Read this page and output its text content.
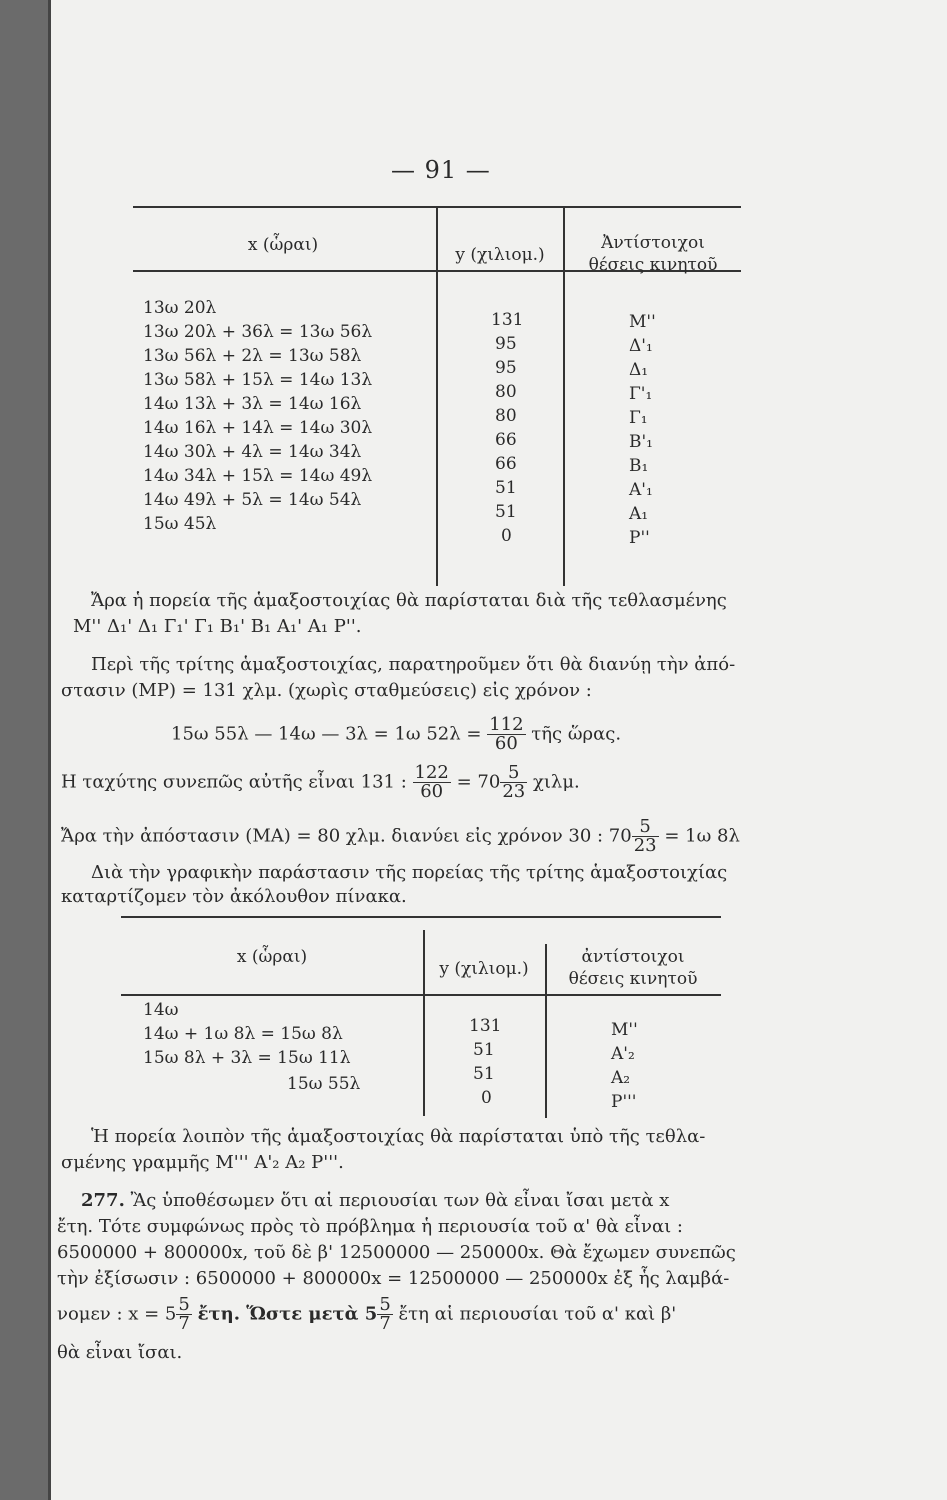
— 91 —
x (ὧραι)	y (χιλιομ.)
Ἀντίστοιχοι
θέσεις κινητοῦ
13ω 20λ
13ω 20λ + 36λ = 13ω 56λ
13ω 56λ + 2λ = 13ω 58λ
13ω 58λ + 15λ = 14ω 13λ
14ω 13λ + 3λ = 14ω 16λ
14ω 16λ + 14λ = 14ω 30λ
14ω 30λ + 4λ = 14ω 34λ
14ω 34λ + 15λ = 14ω 49λ
14ω 49λ + 5λ = 14ω 54λ
15ω 45λ
131
95
95
80
80
66
66
51
51
0
M''
Δ'₁
Δ₁
Γ'₁
Γ₁
Β'₁
Β₁
Α'₁
Α₁
Ρ''
Ἄρα ἡ πορεία τῆς ἁμαξοστοιχίας θὰ παρίσταται διὰ τῆς τεθλασμένης
Μ'' Δ₁' Δ₁ Γ₁' Γ₁ Β₁' Β₁ Α₁' Α₁ Ρ''.
Περὶ τῆς τρίτης ἁμαξοστοιχίας, παρατηροῦμεν ὅτι θὰ διανύῃ τὴν ἀπό-
στασιν (ΜΡ) = 131 χλμ. (χωρὶς σταθμεύσεις) εἰς χρόνον :
15ω 55λ — 14ω — 3λ = 1ω $52\lambda = \frac{112}{60}$ τῆς ὥρας.
Η ταχύτης συνεπῶς αὐτῆς εἶναι 131 : $\frac{122}{60} = 70 \frac{5}{23} \chi\iota\lambda\mu$.
Ἄρα τὴν ἀπόστασιν (ΜΑ) = 80 χλμ. διανύει εἰς χρόνον 30 : $70 \frac{5}{23} = 1\omega$ 8λ
Διὰ τὴν γραφικὴν παράστασιν τῆς πορείας τῆς τρίτης ἁμαξοστοιχίας
καταρτίζομεν τὸν ἀκόλουθον πίνακα.
x (ὧραι)
y (χιλιομ.)
ἀντίστοιχοι
θέσεις κινητοῦ
14ω
14ω + 1ω 8λ = 15ω 8λ
15ω 8λ + 3λ = 15ω 11λ
15ω 55λ
131
51
51
0
M''
Α'₂
Α₂
Ρ'''
Ἡ πορεία λοιπὸν τῆς ἁμαξοστοιχίας θὰ παρίσταται ὑπὸ τῆς τεθλα-
σμένης γραμμῆς Μ''' Α'₂ Α₂ Ρ'''.
277. Ἂς ὑποθέσωμεν ὅτι αἱ περιουσίαι των θὰ εἶναι ἴσαι μετὰ x
ἔτη. Τότε συμφώνως πρὸς τὸ πρόβλημα ἡ περιουσία τοῦ α' θὰ εἶναι :
6500000 + 800000x, τοῦ δὲ β' 12500000 — 250000x. Θὰ ἔχωμεν συνεπῶς
τὴν ἐξίσωσιν : 6500000 + 800000x = 12500000 — 250000x ἐξ ἧς λαμβά-
νομεν : $x = 5 \frac{5}{7}$ ἔτη. Ὥστε μετὰ $5 \frac{5}{7}$ ἔτη αἱ περιουσίαι τοῦ α' καὶ β'
θὰ εἶναι ἴσαι.
